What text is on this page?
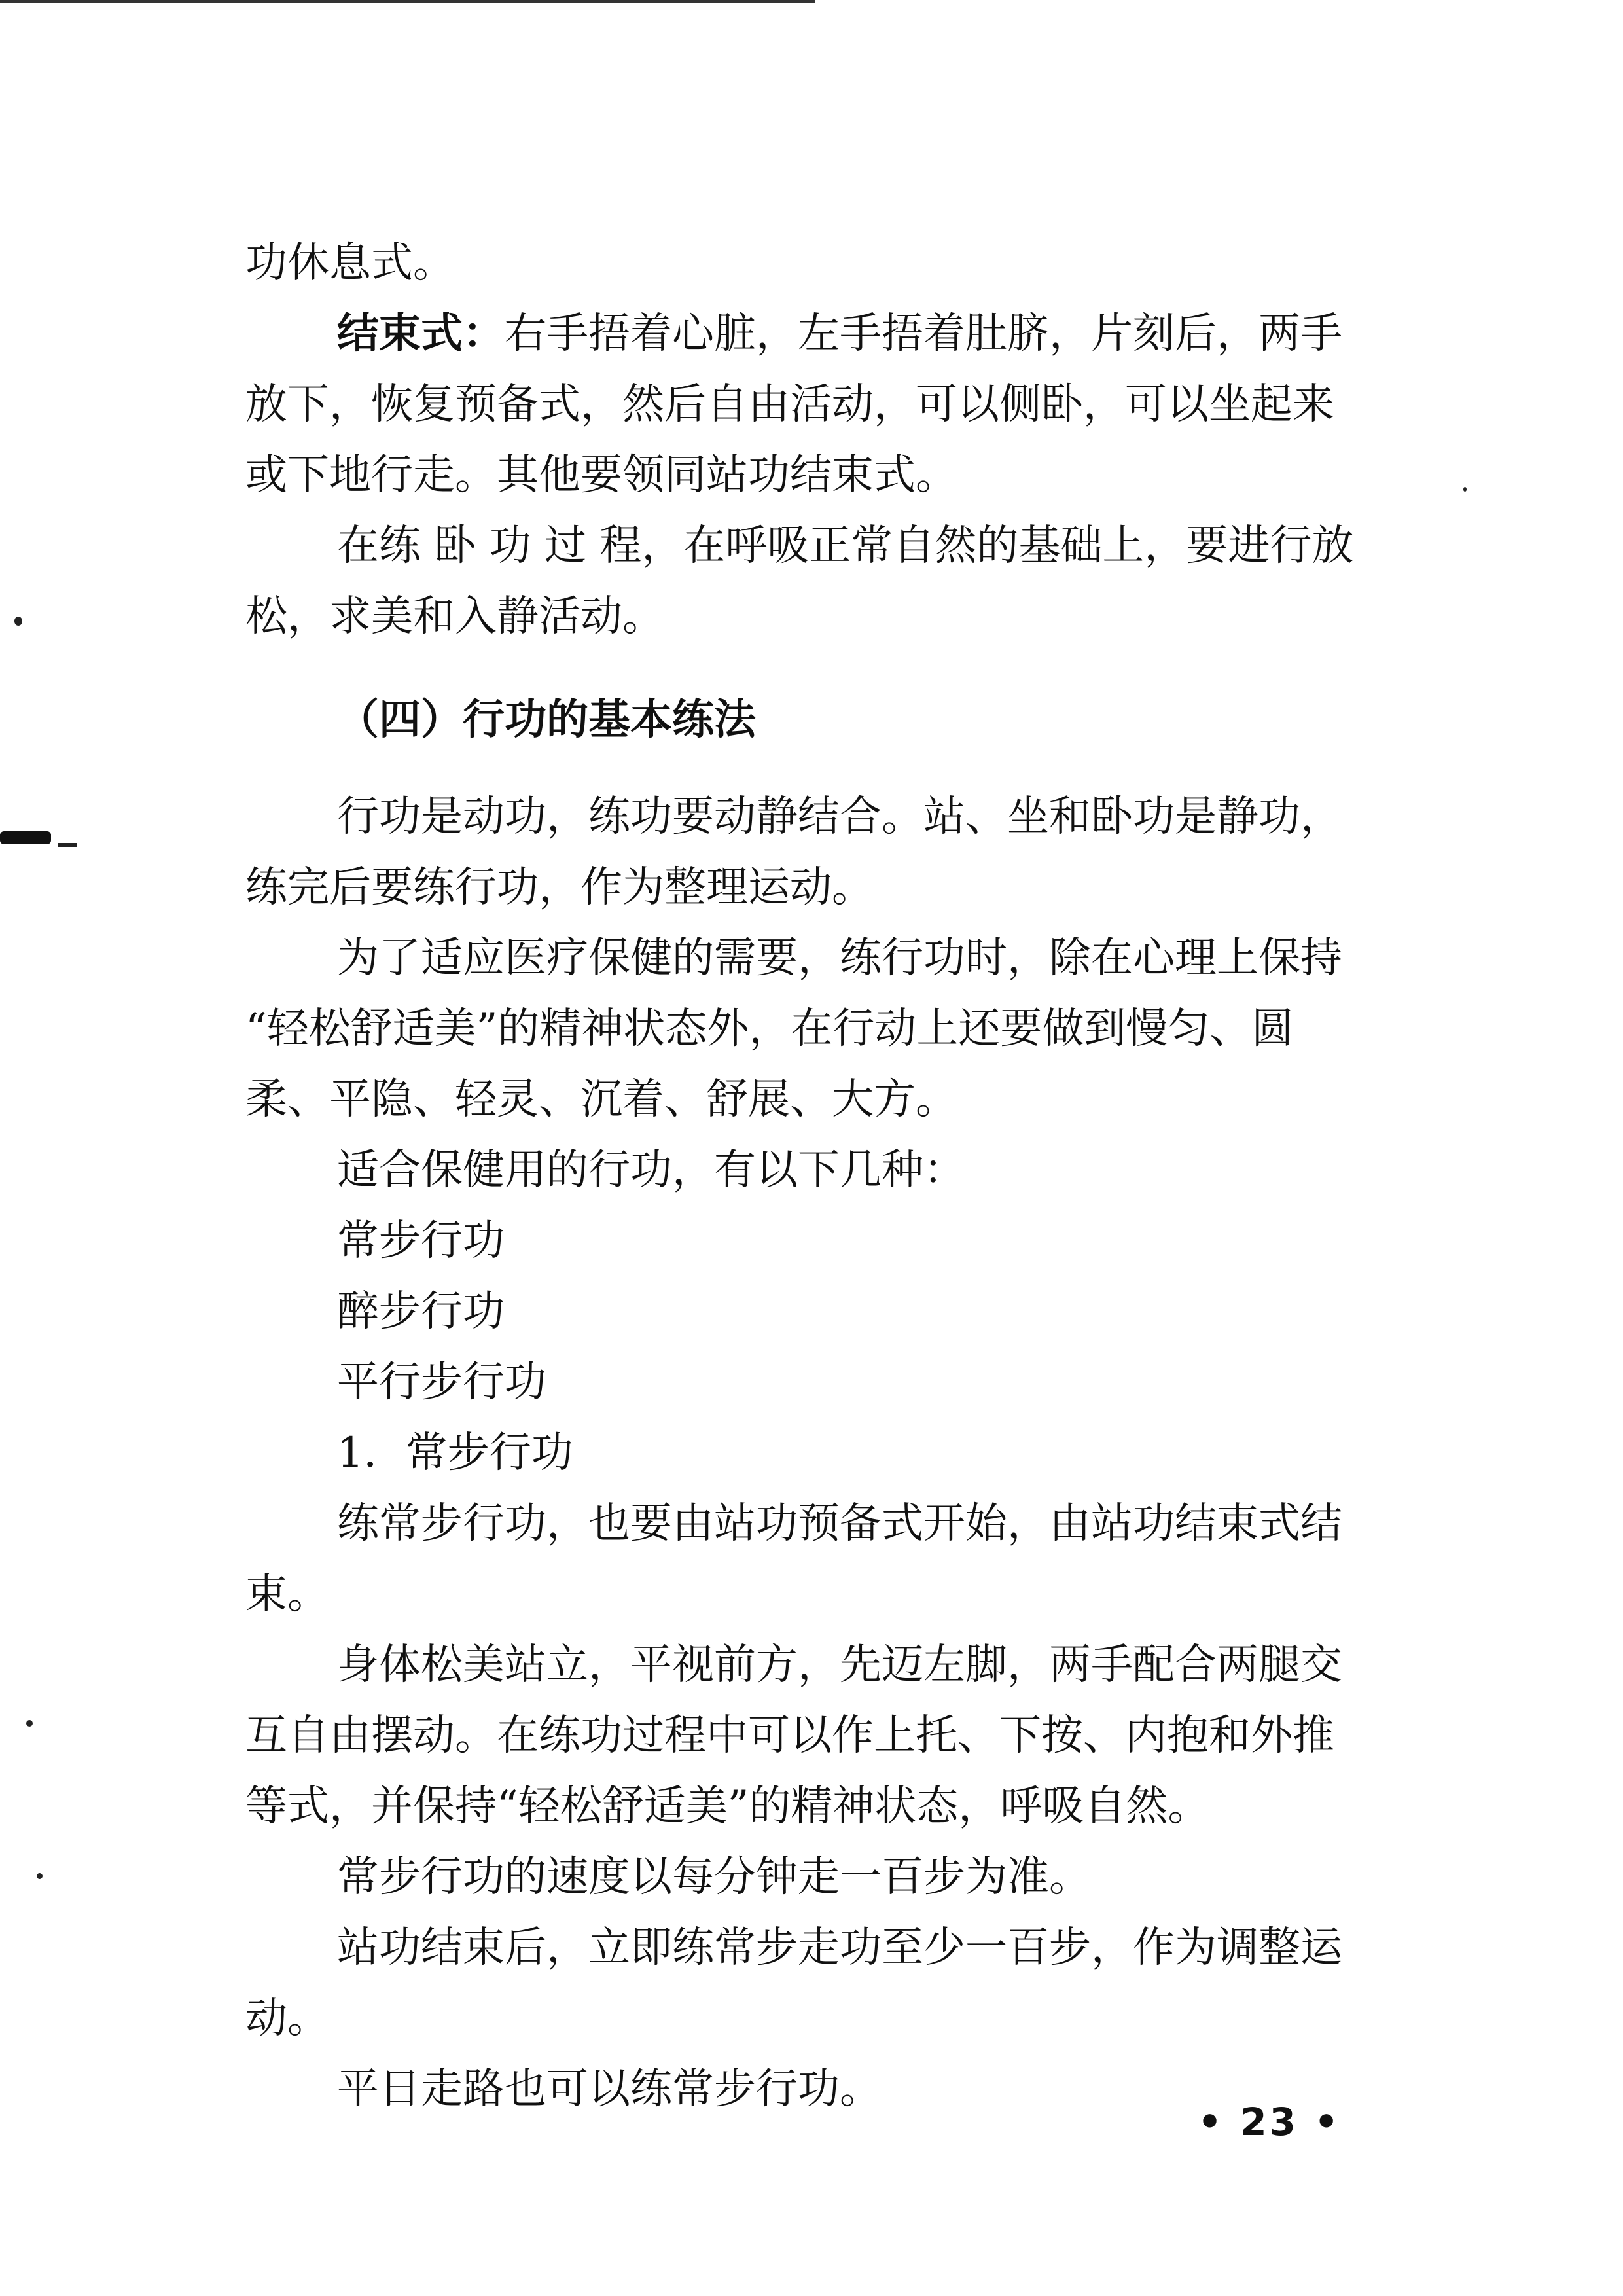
功休息式。
结束式：右手捂着心脏，左手捂着肚脐，片刻后，两手
放下，恢复预备式，然后自由活动，可以侧卧，可以坐起来
或下地行走。其他要领同站功结束式。
在练 卧 功 过 程，在呼吸正常自然的基础上，要进行放
松，求美和入静活动。
（四）行功的基本练法
行功是动功，练功要动静结合。站、坐和卧功是静功，
练完后要练行功，作为整理运动。
为了适应医疗保健的需要，练行功时，除在心理上保持
“轻松舒适美”的精神状态外，在行动上还要做到慢匀、圆
柔、平隐、轻灵、沉着、舒展、大方。
适合保健用的行功，有以下几种：
常步行功
醉步行功
平行步行功
1．常步行功
练常步行功，也要由站功预备式开始，由站功结束式结
束。
身体松美站立，平视前方，先迈左脚，两手配合两腿交
互自由摆动。在练功过程中可以作上托、下按、内抱和外推
等式，并保持“轻松舒适美”的精神状态，呼吸自然。
常步行功的速度以每分钟走一百步为准。
站功结束后，立即练常步走功至少一百步，作为调整运
动。
平日走路也可以练常步行功。
• 23 •
